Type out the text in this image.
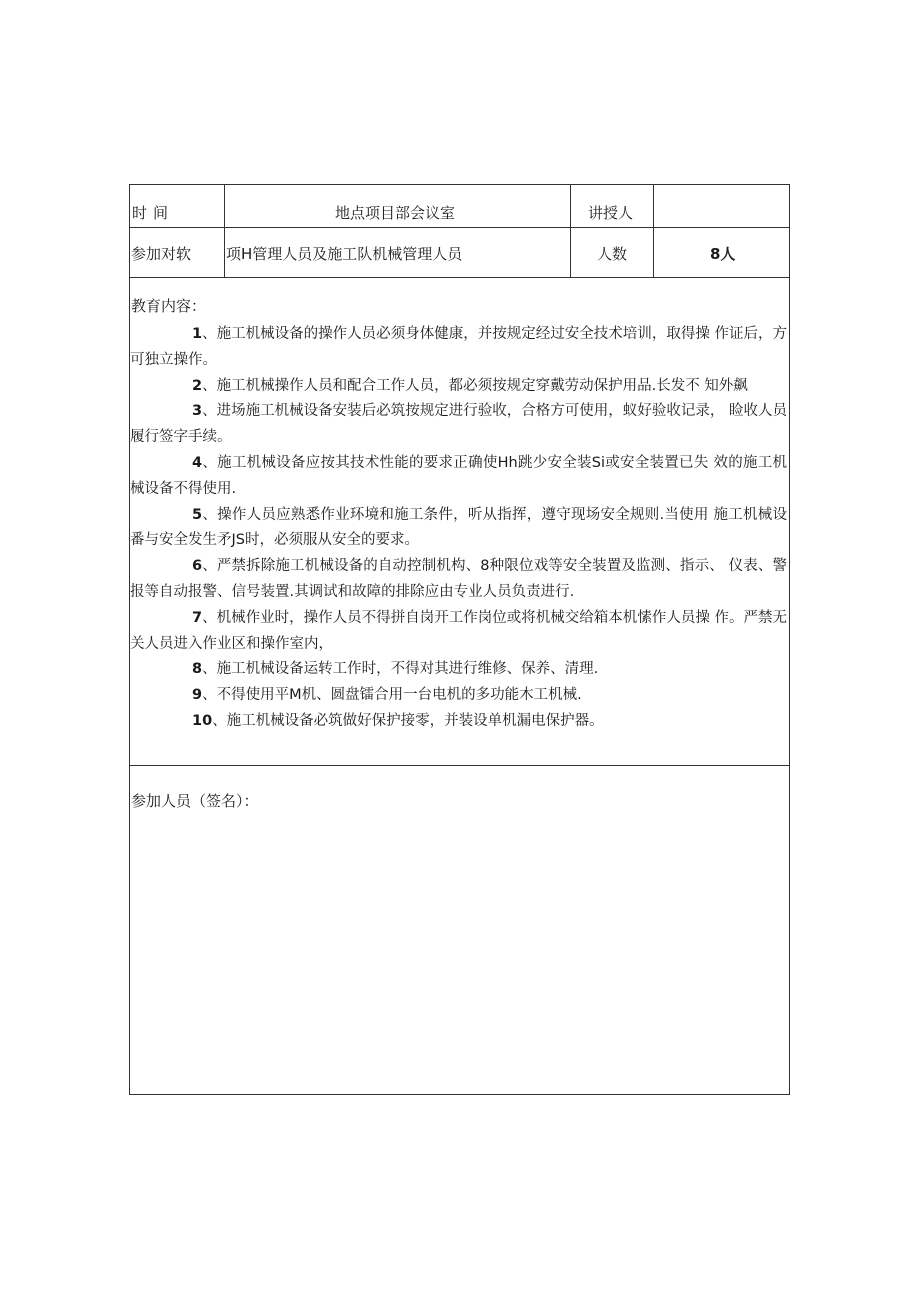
时间	地点项目部会议室	讲授人
参加对软 项H管理人员及施工队机械管理人员	人数	8人
教育内容：
1、施工机械设备的操作人员必须身体健康，并按规定经过安全技术培训，取得操 作证后，方可独立操作。
2、施工机械操作人员和配合工作人员，都必须按规定穿戴劳动保护用品.长发不 知外飙
3、进场施工机械设备安装后必筑按规定进行验收，合格方可使用，蚁好验收记录， 睑收人员履行签字手续。
4、施工机械设备应按其技术性能的要求正确使Hh跳少安全装Si或安全装置已失 效的施工机械设备不得使用.
5、操作人员应熟悉作业环境和施工条件，听从指挥，遵守现场安全规则.当使用 施工机械设番与安全发生矛JS时，必须服从安全的要求。
6、严禁拆除施工机械设备的自动控制机构、8种限位戏等安全装置及监测、指示、 仪表、警报等自动报警、信号装置.其调试和故障的排除应由专业人员负责进行.
7、机械作业时，操作人员不得拼自岗开工作岗位或将机械交给箱本机愫作人员操 作。严禁无关人员进入作业区和操作室内，
8、施工机械设备运转工作时，不得对其进行维修、保养、清理.
9、不得使用平M机、圆盘镭合用一台电机的多功能木工机械.
10、施工机械设备必筑做好保护接零，并装设单机漏电保护器。
参加人员（签名）：
